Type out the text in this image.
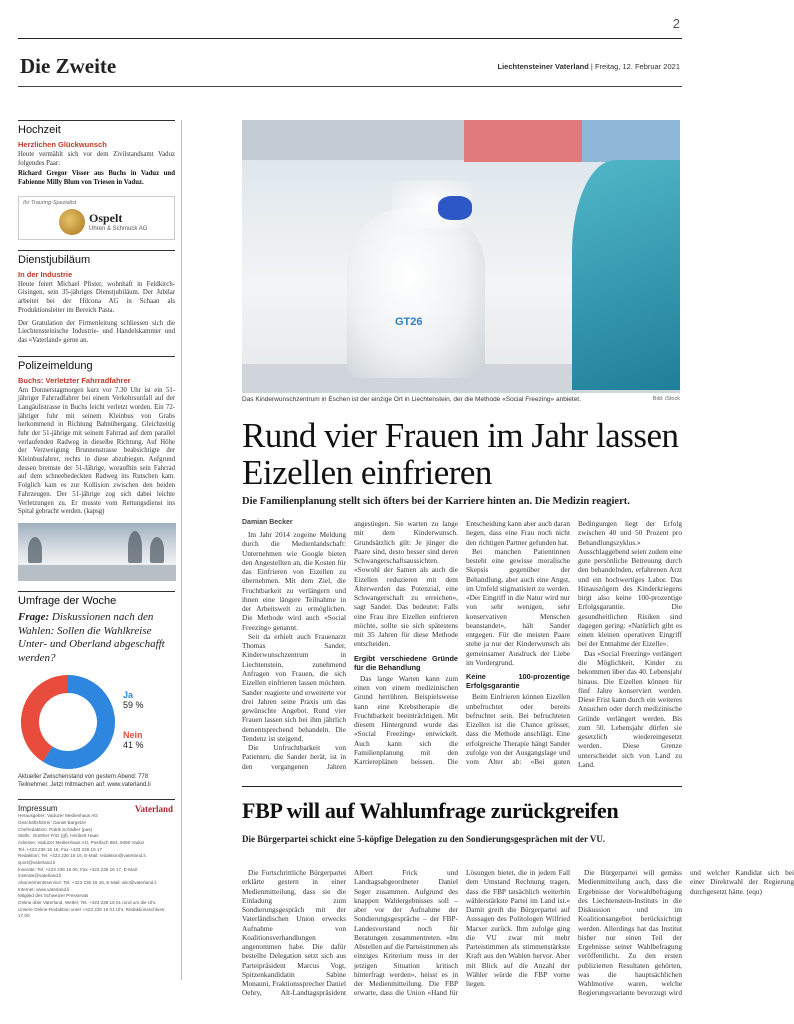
2
Die Zweite	Liechtensteiner Vaterland | Freitag, 12. Februar 2021
Hochzeit
Herzlichen Glückwunsch
Heute vermählt sich vor dem Zivilstandsamt Vaduz folgendes Paar:
Richard Gregor Visser aus Buchs in Vaduz und Fabienne Milly Blum von Triesen in Vaduz.
Ihr Trauring-Spezialist
Ospelt
Uhren & Schmuck AG
Dienstjubiläum
In der Industrie
Heute feiert Michael Pfister, wohnhaft in Feldkirch-Gisingen, sein 35-jähriges Dienstjubiläum. Der Jubilar arbeitet bei der Hilcona AG in Schaan als Produktionsleiter im Bereich Pasta.
Der Gratulation der Firmenleitung schliessen sich die Liechtensteinische Industrie- und Handelskammer und das «Vaterland» gerne an.
Polizeimeldung
Buchs: Verletzter Fahrradfahrer
Am Donnerstagmorgen kurz vor 7.30 Uhr ist ein 51-jähriger Fahrradfahrer bei einem Verkehrsunfall auf der Langäulistrasse in Buchs leicht verletzt worden. Ein 72-jähriger fuhr mit seinem Kleinbus von Grabs herkommend in Richtung Bahnübergang. Gleichzeitig fuhr der 51-jährige mit seinem Fahrrad auf dem parallel verlaufenden Radweg in dieselbe Richtung. Auf Höhe der Verzweigung Brunnenstrasse beabsichtigte der Kleinbusfahrer, rechts in diese abzubiegen. Aufgrund dessen bremste der 51-Jährige, woraufhin sein Fahrrad auf dem schneebedeckten Radweg ins Rutschen kam. Folglich kam es zur Kollision zwischen den beiden Fahrzeugen. Der 51-jährige zog sich dabei leichte Verletzungen zu. Er musste vom Rettungsdienst ins Spital gebracht werden. (kapsg)
Umfrage der Woche
Frage: Diskussionen nach den Wahlen: Sollen die Wahlkreise Unter- und Oberland abgeschafft werden?
Ja
59 %
Nein
41 %
Aktueller Zwischenstand von gestern Abend: 778 Teilnehmer. Jetzt mitmachen auf: www.vaterland.li
Impressum	Vaterland
Herausgeber: Vaduzer Medienhaus AG
Geschäftsführer: Daniel Bargetze
Chefredaktion: Patrik Schädler (pas)
Stellv.: Günther Fritz (gf), Heribert Haas
Adresse: Vaduzer Medienhaus AG, Postfach 884, 9490 Vaduz
Tel. +423 236 16 16, Fax +423 236 16 17
Redaktion: Tel. +423 236 16 16, E-Mail: redaktion@vaterland.li, sport@vaterland.li
Inserate: Tel. +423 236 16 00, Fax +423 236 16 17, E-Mail: inserate@vaterland.li
Abonnementsservice: Tel. +423 236 16 16, E-Mail: abo@vaterland.li
Internet: www.vaterland.li
Mitglied des Schweizer Presserats
Online über Vaterland, Wetter, Tel. +423 236 16 01 rund um die Uhr.
Unsere Online-Redaktion unter +423 236 16 01 Uhr, Redaktionsschluss: 17.00
GT26
Das Kinderwunschzentrum in Eschen ist der einzige Ort in Liechtenstein, der die Methode «Social Freezing» anbietet.	Bild: iStock
Rund vier Frauen im Jahr lassen Eizellen einfrieren
Die Familienplanung stellt sich öfters bei der Karriere hinten an. Die Medizin reagiert.

Damian Becker

Im Jahr 2014 zogeine Meldung durch die Medienlandschaft: Unternehmen wie Google bieten den Angestellten an, die Kosten für das Einfrieren von Eizellen zu übernehmen. Mit dem Ziel, die Fruchtbarkeit zu verlängern und ihnen eine längere Teilnahme in der Arbeitswelt zu ermöglichen. Die Methode wird auch «Social Freezing» genannt.

Seit da erhielt auch Frauenarzt Thomas Sander, Kinderwunschzentrum in Liechtenstein, zunehmend Anfragen von Frauen, die sich Eizellen einfrieren lassen möchten. Sander reagierte und erweiterte vor drei Jahren seine Praxis um das gewünschte Angebot. Rund vier Frauen lassen sich bei ihm jährlich dementsprechend behandeln. Die Tendenz ist steigend.

Die Unfruchtbarkeit von Patienten, die Sander berät, ist in den vergangenen Jahren angestiegen. Sie warten zu lange mit dem Kinderwunsch. Grundsätzlich gilt: Je jünger die Paare sind, desto besser sind deren Schwangerschaftsaussichten. «Sowohl der Samen als auch die Eizellen reduzieren mit dem Älterwerden das Potenzial, eine Schwangerschaft zu erreichen», sagt Sander. Das bedeutet: Falls eine Frau ihre Eizellen einfrieren möchte, sollte sie sich spätestens mit 35 Jahren für diese Methode entscheiden.

Ergibt verschiedene Gründe für die Behandlung

Das lange Warten kann zum einen von einem medizinischen Grund herrühren. Beispielsweise kann eine Krebstherapie die Fruchtbarkeit beeinträchtigen. Mit diesem Hintergrund wurde das «Social Freezing» entwickelt. Auch kann sich die Familienplanung mit den Karriereplänen beissen. Die Entscheidung kann aber auch daran liegen, dass eine Frau noch nicht den richtigen Partner gefunden hat.

Bei manchen Patientinnen besteht eine gewisse moralische Skepsis gegenüber der Behandlung, aber auch eine Angst, im Umfeld stigmatisiert zu werden. «Der Eingriff in die Natur wird nur von sehr wenigen, sehr konservativen Menschen beanstandet», hält Sander entgegen. Für die meisten Paare stehe ja nur der Kinderwunsch als gemeinsamer Ausdruck der Liebe im Vordergrund.

Keine 100-prozentige Erfolgsgarantie

Beim Einfrieren können Eizellen unbefruchtet oder bereits befruchtet sein. Bei befruchteten Eizellen ist die Chance grösser, dass die Methode anschlägt. Eine erfolgreiche Therapie hängt Sander zufolge von der Ausgangslage und vom Alter ab: «Bei guten Bedingungen liegt der Erfolg zwischen 40 und 50 Prozent pro Behandlungszyklus.» Ausschlaggebend seien zudem eine gute persönliche Betreuung durch den behandelnden, erfahrenen Arzt und ein hochwertiges Labor. Das Hinauszögern des Kinderkriegens birgt also keine 100-prozentige Erfolgsgarantie. Die gesundheitlichen Risiken sind dagegen gering: «Natürlich gibt es einen kleinen operativen Eingriff bei der Entnahme der Eizelle».

Das «Social Freezing» verlängert die Möglichkeit, Kinder zu bekommen über das 40. Lebensjahr hinaus. Die Eizellen können für fünf Jahre konserviert werden. Diese Frist kann durch ein weiteres Ansuchen oder durch medizinische Gründe verlängert werden. Bis zum 50. Lebensjahr dürfen sie gesetzlich wiedereingesetzt werden. Diese Grenze unterscheidet sich von Land zu Land.

FBP will auf Wahlumfrage zurückgreifen
Die Bürgerpartei schickt eine 5-köpfige Delegation zu den Sondierungsgesprächen mit der VU.

Die Fortschrittliche Bürgerpartei erklärte gestern in einer Medienmitteilung, dass sie die Einladung zum Sondierungsgespräch mit der Vaterländischen Union erwecks Aufnahme von Koalitionsverhandlungen angenommen habe. Die dafür bestellte Delegation setzt sich aus Parteipräsident Marcus Vogt, Spitzenkandidatin Sabine Monauni, Fraktionssprecher Daniel Oehry, Alt-Landtagspräsident Albert Frick und Landtagsabgeordneter Daniel Seger zusammen. Aufgrund des knappen Wahlergebnisses soll – aber vor der Aufnahme der Sondierungsgespräche – der FBP-Landesvorstand noch für Beratungen zusammentreten. «Im Abstellen auf die Parteistimmen als einziges Kriterium muss in der jetzigen Situation kritisch hinterfragt werden», heisst es in der Medienmitteilung. Die FBP erwarte, dass die Union «Hand für Lösungen bietet, die in jedem Fall dem Umstand Rechnung tragen, dass die FBP tatsächlich weiterhin wählerstärkste Partei im Land ist.» Damit greift die Bürgerpartei auf Aussagen des Politologen Wilfried Marxer zurück. Ihm zufolge ging die VU zwar mit mehr Parteistimmen als stimmenstärkste Kraft aus den Wahlen hervor. Aber mit Blick auf die Anzahl der Wähler würde die FBP vorne liegen.

Die Bürgerpartei will gemäss Medienmitteilung auch, dass die Ergebnisse der Vorwahlbefragung des Liechtenstein-Instituts in die Diskussion und im Koalitionsangebot berücksichtigt werden. Allerdings hat das Institut bisher nur einen Teil der Ergebnisse seiner Wahlbefragung veröffentlicht. Zu den ersten publizierten Resultaten gehörten, was die hauptsächlichen Wahlmotive waren, welche Regierungsvariante bevorzugt wird und welcher Kandidat sich bei einer Direktwahl der Regierung durchgesetzt hätte. (equ)
